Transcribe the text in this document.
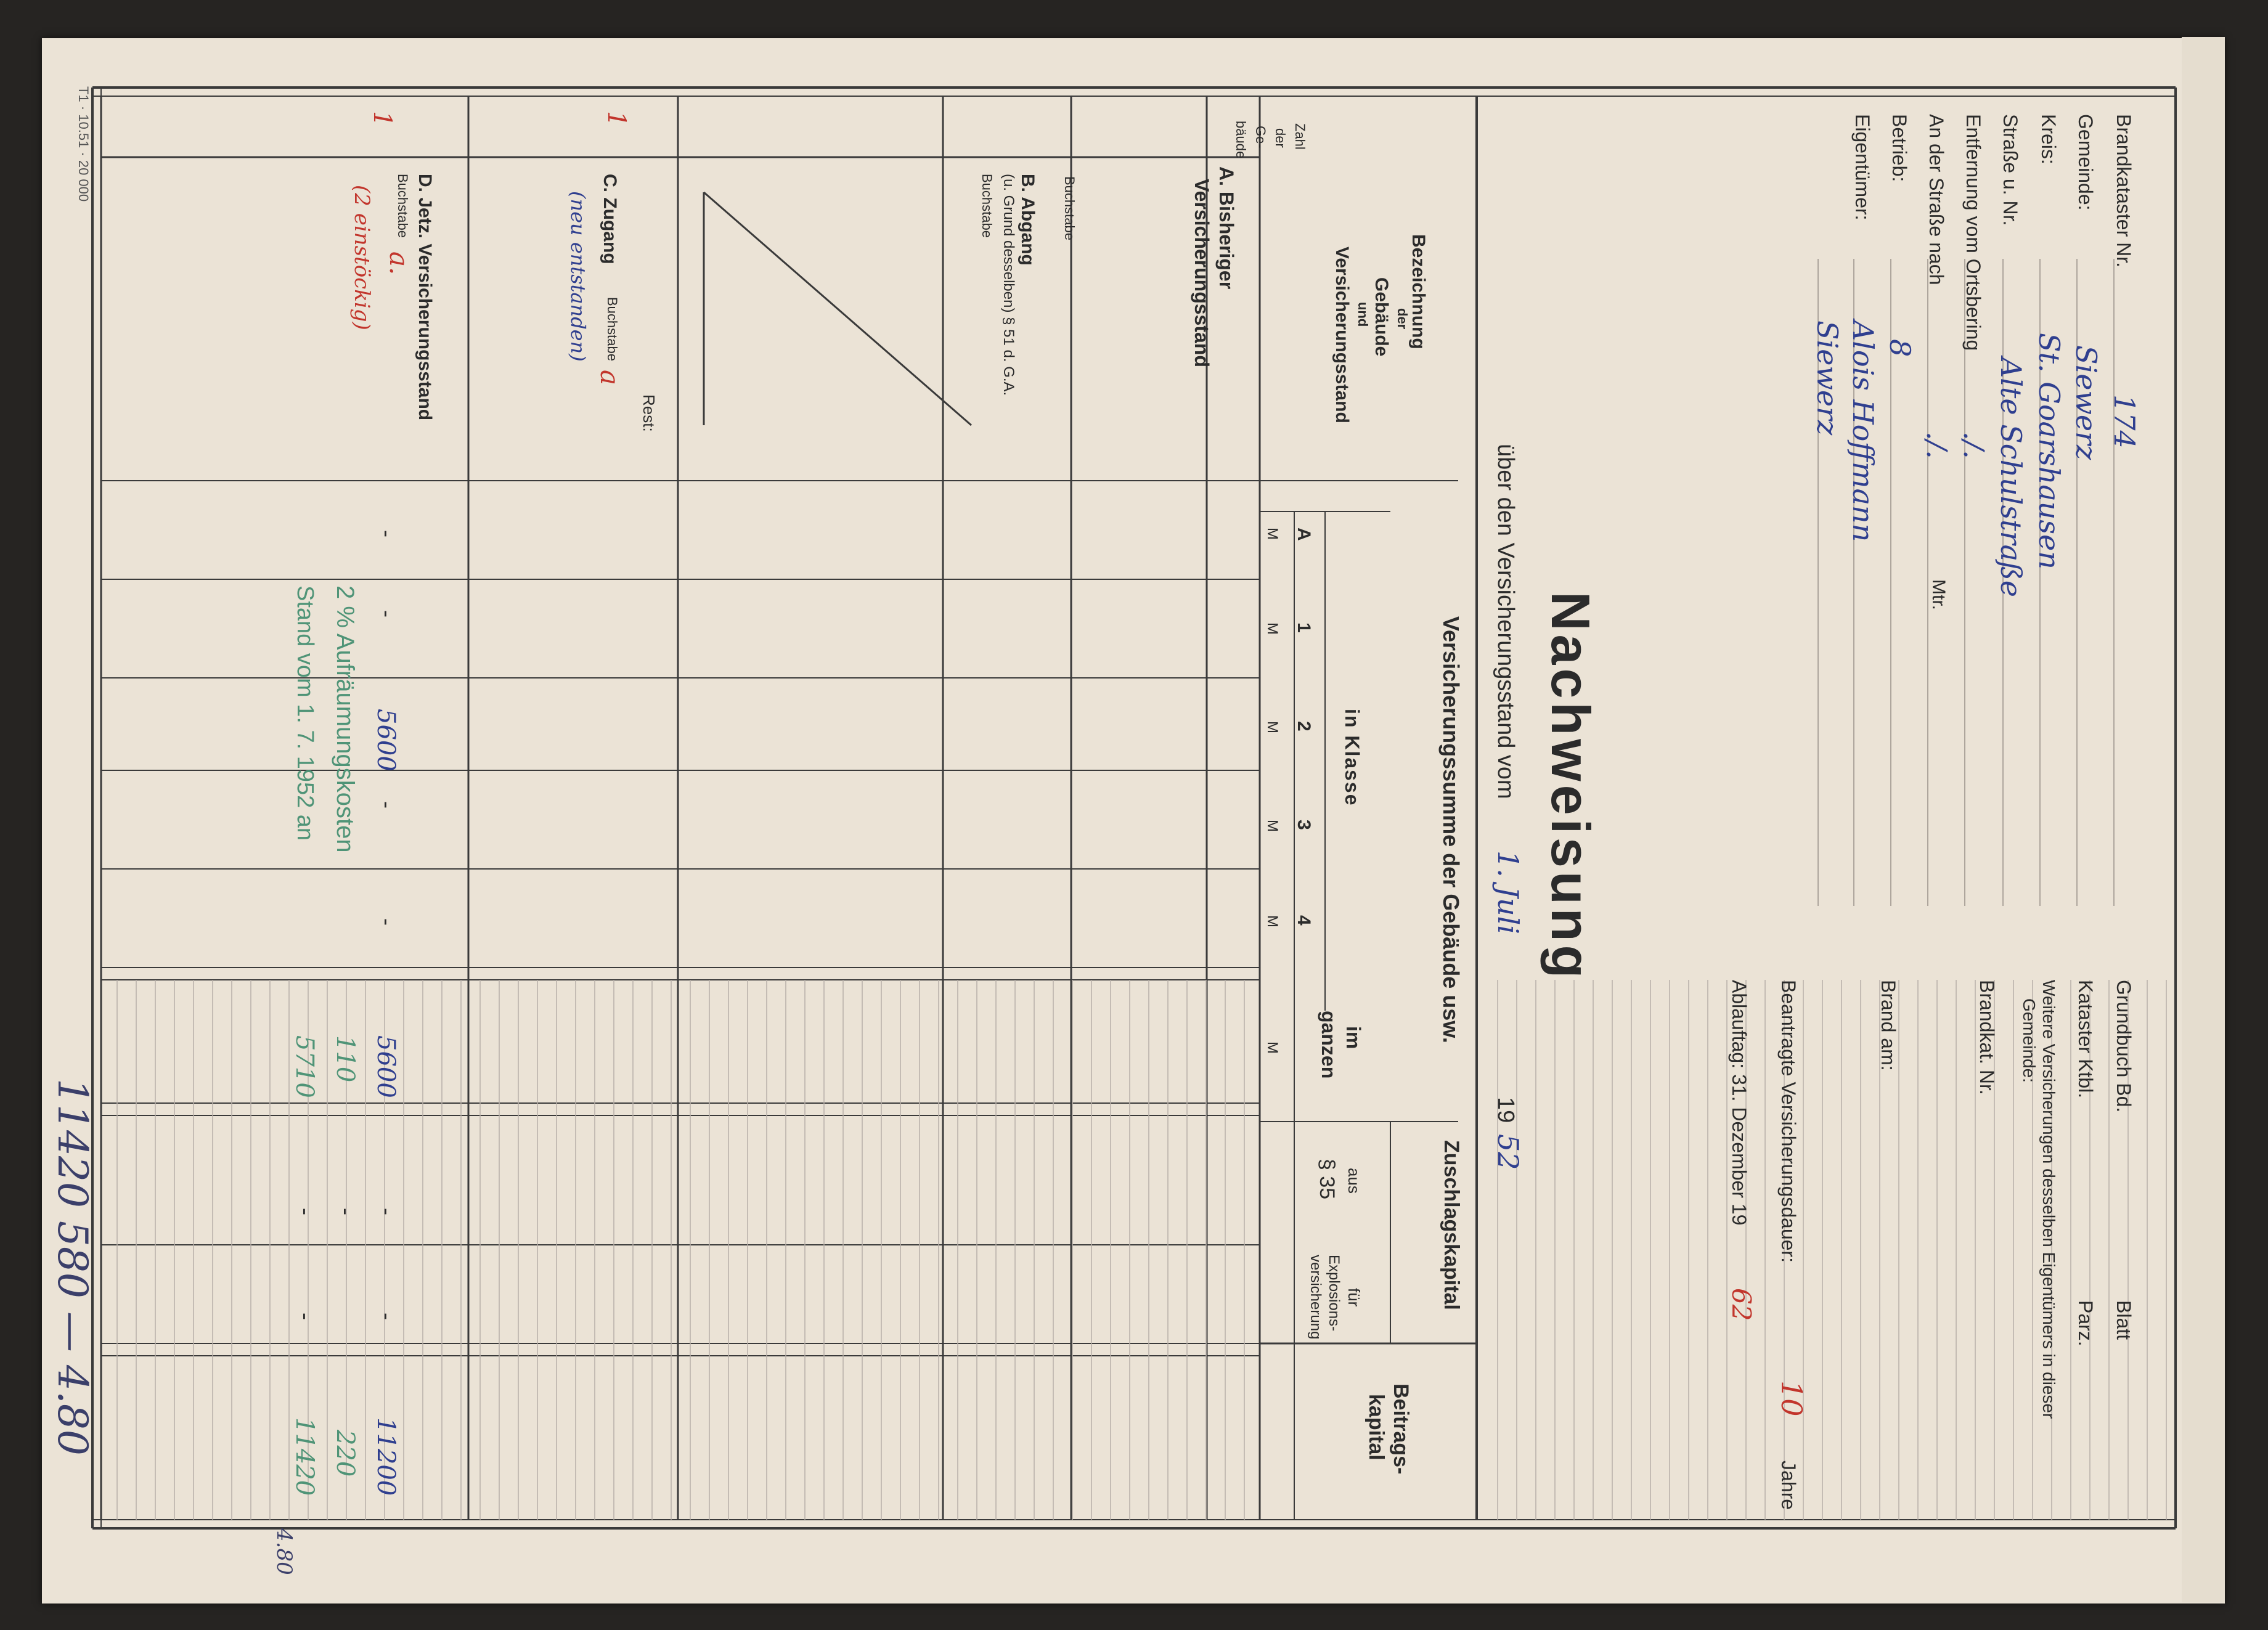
T1 · 10.51 · 20 000
Nachweisung
über den Versicherungsstand vom
1. Juli
19
52
Brandkataster Nr.
174
Gemeinde:
Siewerz
Kreis:
St. Goarshausen
Straße u. Nr.
Alte Schulstraße
Entfernung vom Ortsbering
./.
An der Straße nach
./.
Betrieb:
8
Eigentümer:
Alois Hoffmann
Siewerz
Mtr.
Grundbuch Bd.
Blatt
Kataster Ktbl.
Parz.
Weitere Versicherungen desselben Eigentümers in dieser
Gemeinde:
Brandkat. Nr.
Brand am:
Beantragte Versicherungsdauer:
10
Jahre
Ablauftag: 31. Dezember 19
62
Versicherungssumme der Gebäude usw.
in Klasse
A
1
2
3
4
M
M
M
M
M
M	im
ganzen
Zuschlagskapital
aus
§ 35
für
Explosions-
versicherung
Beitrags-
kapital
Zahl
der
Ge-
bäude
Bezeichnung
der
Gebäude
und
Versicherungsstand
A. Bisheriger
Versicherungsstand
Buchstabe
B. Abgang
(u. Grund desselben) § 51 d. G.A.
Buchstabe
Rest:
1
C. Zugang
Buchstabe
a
(neu entstanden)
1
D. Jetz. Versicherungsstand
Buchstabe
a.
(2 einstöckig)
5600
5600
11200
2 % Aufräumungskosten
110
220
Stand vom 1. 7. 1952 an
5710
11420
11420 580 — 4.80
4.80
-
-
-
-
-
-
-
-	-
